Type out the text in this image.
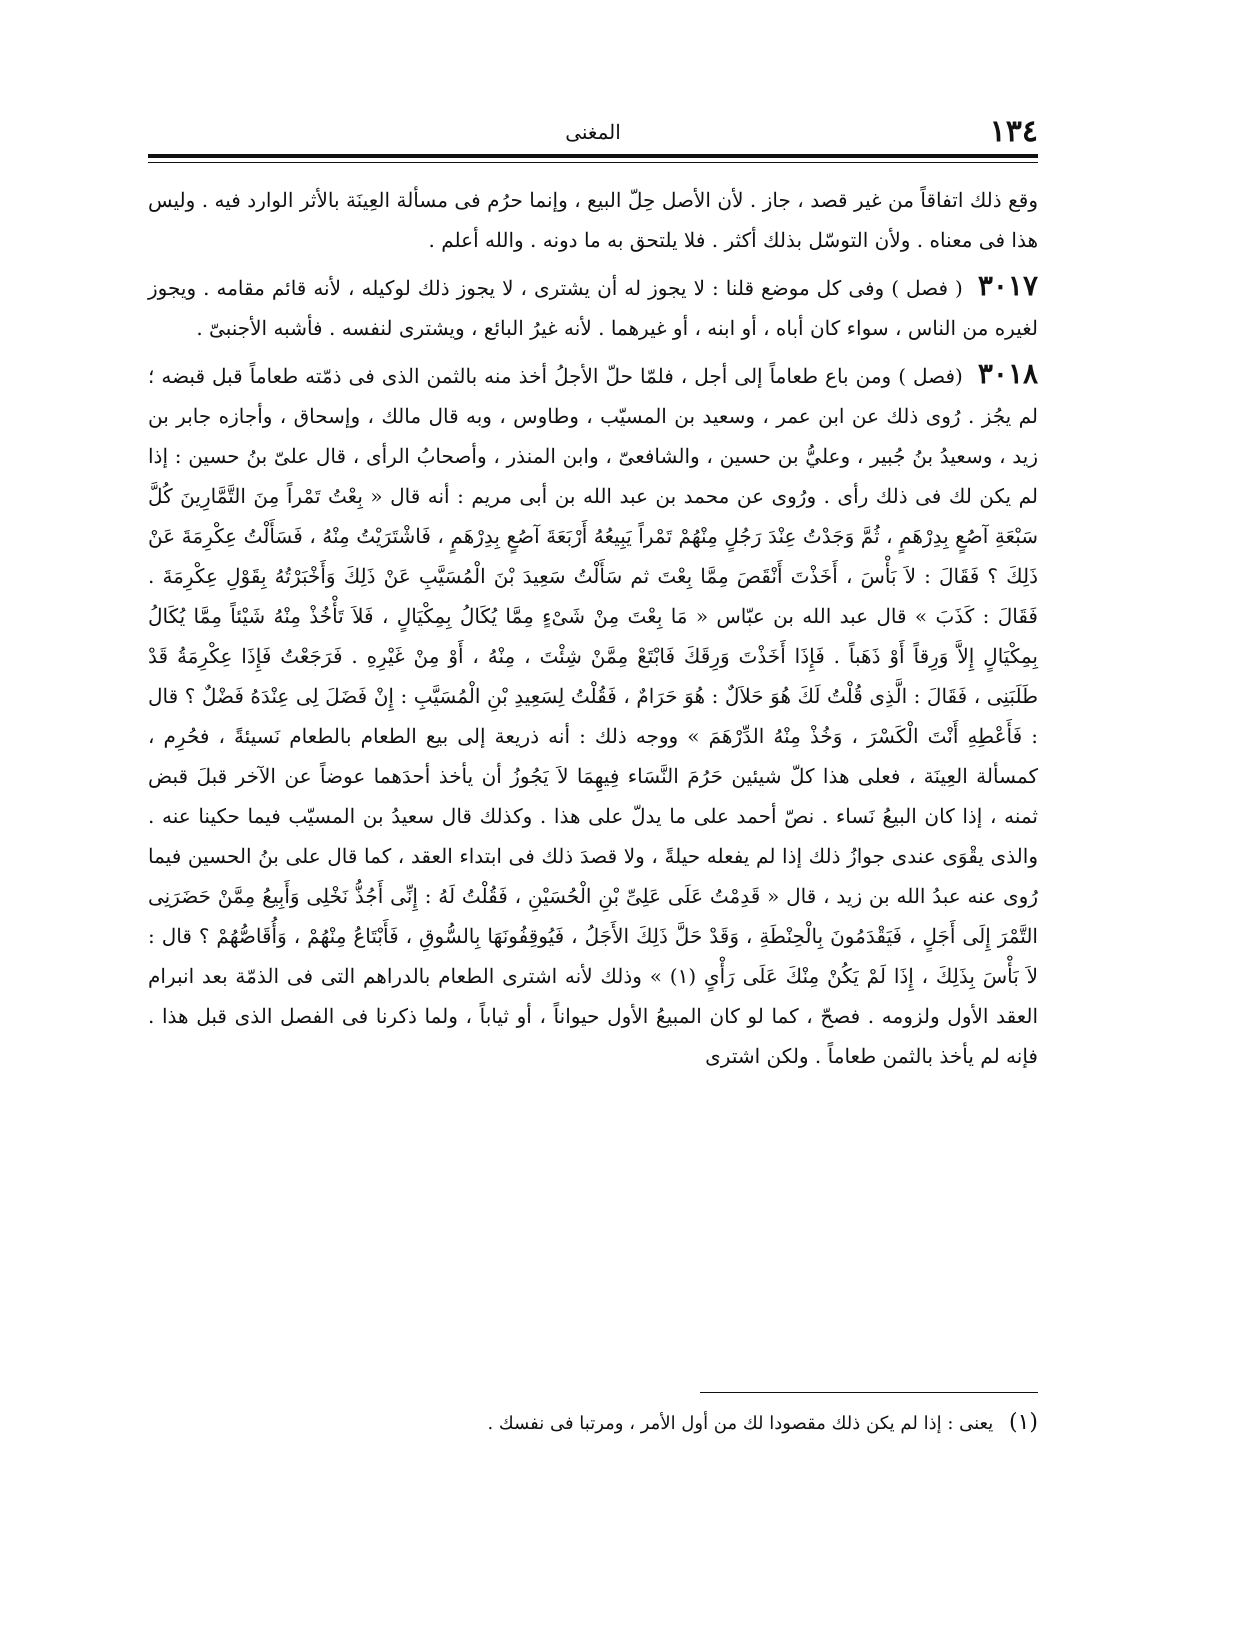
١٣٤
المغنى

وقع ذلك اتفاقاً من غير قصد ، جاز . لأن الأصل حِلّ البيع ، وإنما حرُم فى مسألة العِينَة بالأثر الوارد فيه . وليس هذا فى معناه . ولأن التوسّل بذلك أكثر . فلا يلتحق به ما دونه . والله أعلم .

٣٠١٧ ( فصل ) وفى كل موضع قلنا : لا يجوز له أن يشترى ، لا يجوز ذلك لوكيله ، لأنه قائم مقامه . ويجوز لغيره من الناس ، سواء كان أباه ، أو ابنه ، أو غيرهما . لأنه غيرُ البائع ، ويشترى لنفسه . فأشبه الأجنبىّ .

٣٠١٨ (فصل ) ومن باع طعاماً إلى أجل ، فلمّا حلّ الأجلُ أخذ منه بالثمن الذى فى ذمّته طعاماً قبل قبضه ؛ لم يجُز . رُوى ذلك عن ابن عمر ، وسعيد بن المسيّب ، وطاوس ، وبه قال مالك ، وإسحاق ، وأجازه جابر بن زيد ، وسعيدُ بنُ جُبير ، وعليُّ بن حسين ، والشافعىّ ، وابن المنذر ، وأصحابُ الرأى ، قال علىّ بنُ حسين : إذا لم يكن لك فى ذلك رأى . ورُوى عن محمد بن عبد الله بن أبى مريم : أنه قال « بِعْتُ تَمْراً مِنَ التَّمَّارِينَ كُلَّ سَبْعَةِ آصُعٍ بِدِرْهَمٍ ، ثُمَّ وَجَدْتُ عِنْدَ رَجُلٍ مِنْهُمْ تَمْراً يَبِيعُهُ أَرْبَعَةَ آصُعٍ بِدِرْهَمٍ ، فَاشْتَرَيْتُ مِنْهُ ، فَسَأَلْتُ عِكْرِمَةَ عَنْ ذَلِكَ ؟ فَقَالَ : لاَ بَأْسَ ، أَخَذْتَ أَنْقَصَ مِمَّا بِعْتَ ثم سَأَلْتُ سَعِيدَ بْنَ الْمُسَيَّبِ عَنْ ذَلِكَ وَأَخْبَرْتُهُ بِقَوْلِ عِكْرِمَةَ . فَقَالَ : كَذَبَ » قال عبد الله بن عبّاس « مَا بِعْتَ مِنْ شَىْءٍ مِمَّا يُكَالُ بِمِكْيَالٍ ، فَلاَ تَأْخُذْ مِنْهُ شَيْئاً مِمَّا يُكَالُ بِمِكْيَالٍ إِلاَّ وَرِقاً أَوْ ذَهَباً . فَإِذَا أَخَذْتَ وَرِقَكَ فَابْتَعْ مِمَّنْ شِئْتَ ، مِنْهُ ، أَوْ مِنْ غَيْرِهِ . فَرَجَعْتُ فَإِذَا عِكْرِمَةُ قَدْ طَلَبَنِى ، فَقَالَ : الَّذِى قُلْتُ لَكَ هُوَ حَلاَلٌ : هُوَ حَرَامٌ ، فَقُلْتُ لِسَعِيدِ بْنِ الْمُسَيَّبِ : إِنْ فَضَلَ لِى عِنْدَهُ فَضْلٌ ؟ قال : فَأَعْطِهِ أَنْتَ الْكَسْرَ ، وَخُذْ مِنْهُ الدِّرْهَمَ » ووجه ذلك : أنه ذريعة إلى بيع الطعام بالطعام نَسيئةً ، فحُرِم ، كمسألة العِينَة ، فعلى هذا كلّ شيئين حَرُمَ النَّسَاء فِيهِمَا لاَ يَجُوزُ أن يأخذ أحدَهما عوضاً عن الآخر قبلَ قبض ثمنه ، إذا كان البيعُ نَساء . نصّ أحمد على ما يدلّ على هذا . وكذلك قال سعيدُ بن المسيّب فيما حكينا عنه . والذى يقْوَى عندى جوازُ ذلك إذا لم يفعله حيلةً ، ولا قصدَ ذلك فى ابتداء العقد ، كما قال على بنُ الحسين فيما رُوى عنه عبدُ الله بن زيد ، قال « قَدِمْتُ عَلَى عَلِىِّ بْنِ الْحُسَيْنِ ، فَقُلْتُ لَهُ : إِنِّى أَجُذُّ نَخْلِى وَأَبِيعُ مِمَّنْ حَضَرَنِى التَّمْرَ إِلَى أَجَلٍ ، فَيَقْدَمُونَ بِالْحِنْطَةِ ، وَقَدْ حَلَّ ذَلِكَ الأَجَلُ ، فَيُوقِفُونَهَا بِالسُّوقِ ، فَأَبْتَاعُ مِنْهُمْ ، وَأُقَاصُّهُمْ ؟ قال : لاَ بَأْسَ بِذَلِكَ ، إِذَا لَمْ يَكُنْ مِنْكَ عَلَى رَأْىٍ (١) » وذلك لأنه اشترى الطعام بالدراهم التى فى الذمّة بعد انبرام العقد الأول ولزومه . فصحّ ، كما لو كان المبيعُ الأول حيواناً ، أو ثياباً ، ولما ذكرنا فى الفصل الذى قبل هذا . فإنه لم يأخذ بالثمن طعاماً . ولكن اشترى

(١) يعنى : إذا لم يكن ذلك مقصودا لك من أول الأمر ، ومرتبا فى نفسك .
